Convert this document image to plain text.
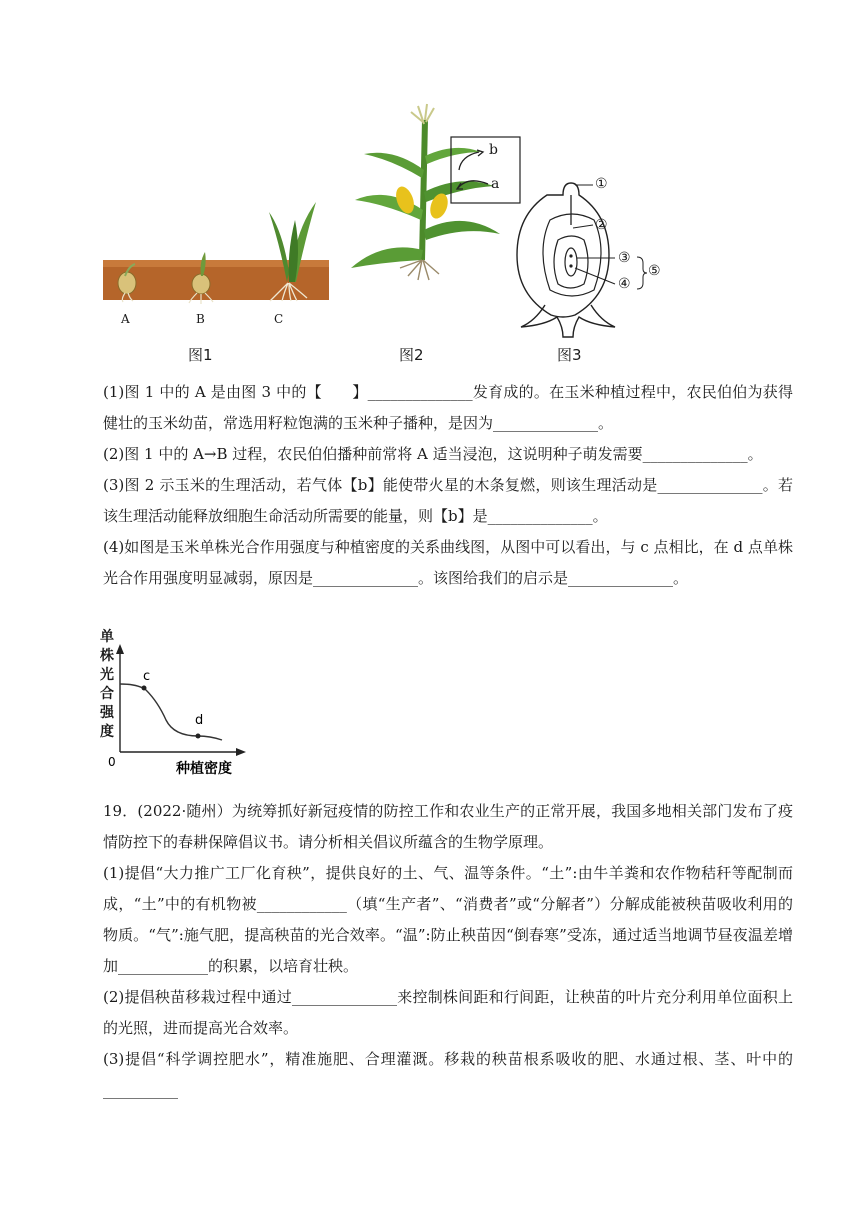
A	B	C
图1
b
a
图2
①
②
③
④
⑤
图3

(1)图 1 中的 A 是由图 3 中的【　　】______________发育成的。在玉米种植过程中，农民伯伯为获得健壮的玉米幼苗，常选用籽粒饱满的玉米种子播种，是因为______________。

(2)图 1 中的 A→B 过程，农民伯伯播种前常将 A 适当浸泡，这说明种子萌发需要______________。

(3)图 2 示玉米的生理活动，若气体【b】能使带火星的木条复燃，则该生理活动是______________。若该生理活动能释放细胞生命活动所需要的能量，则【b】是______________。

(4)如图是玉米单株光合作用强度与种植密度的关系曲线图，从图中可以看出，与 c 点相比，在 d 点单株光合作用强度明显减弱，原因是______________。该图给我们的启示是______________。

c
d
0	种植密度
单
株
光
合
强
度

19．(2022·随州）为统筹抓好新冠疫情的防控工作和农业生产的正常开展，我国多地相关部门发布了疫情防控下的春耕保障倡议书。请分析相关倡议所蕴含的生物学原理。

(1)提倡“大力推广工厂化育秧”，提供良好的土、气、温等条件。“土”:由牛羊粪和农作物秸秆等配制而成，“土”中的有机物被____________（填“生产者”、“消费者”或“分解者”）分解成能被秧苗吸收利用的物质。“气”:施气肥，提高秧苗的光合效率。“温”:防止秧苗因“倒春寒”受冻，通过适当地调节昼夜温差增加____________的积累，以培育壮秧。

(2)提倡秧苗移栽过程中通过______________来控制株间距和行间距，让秧苗的叶片充分利用单位面积上的光照，进而提高光合效率。

(3)提倡“科学调控肥水”，精准施肥、合理灌溉。移栽的秧苗根系吸收的肥、水通过根、茎、叶中的__________
